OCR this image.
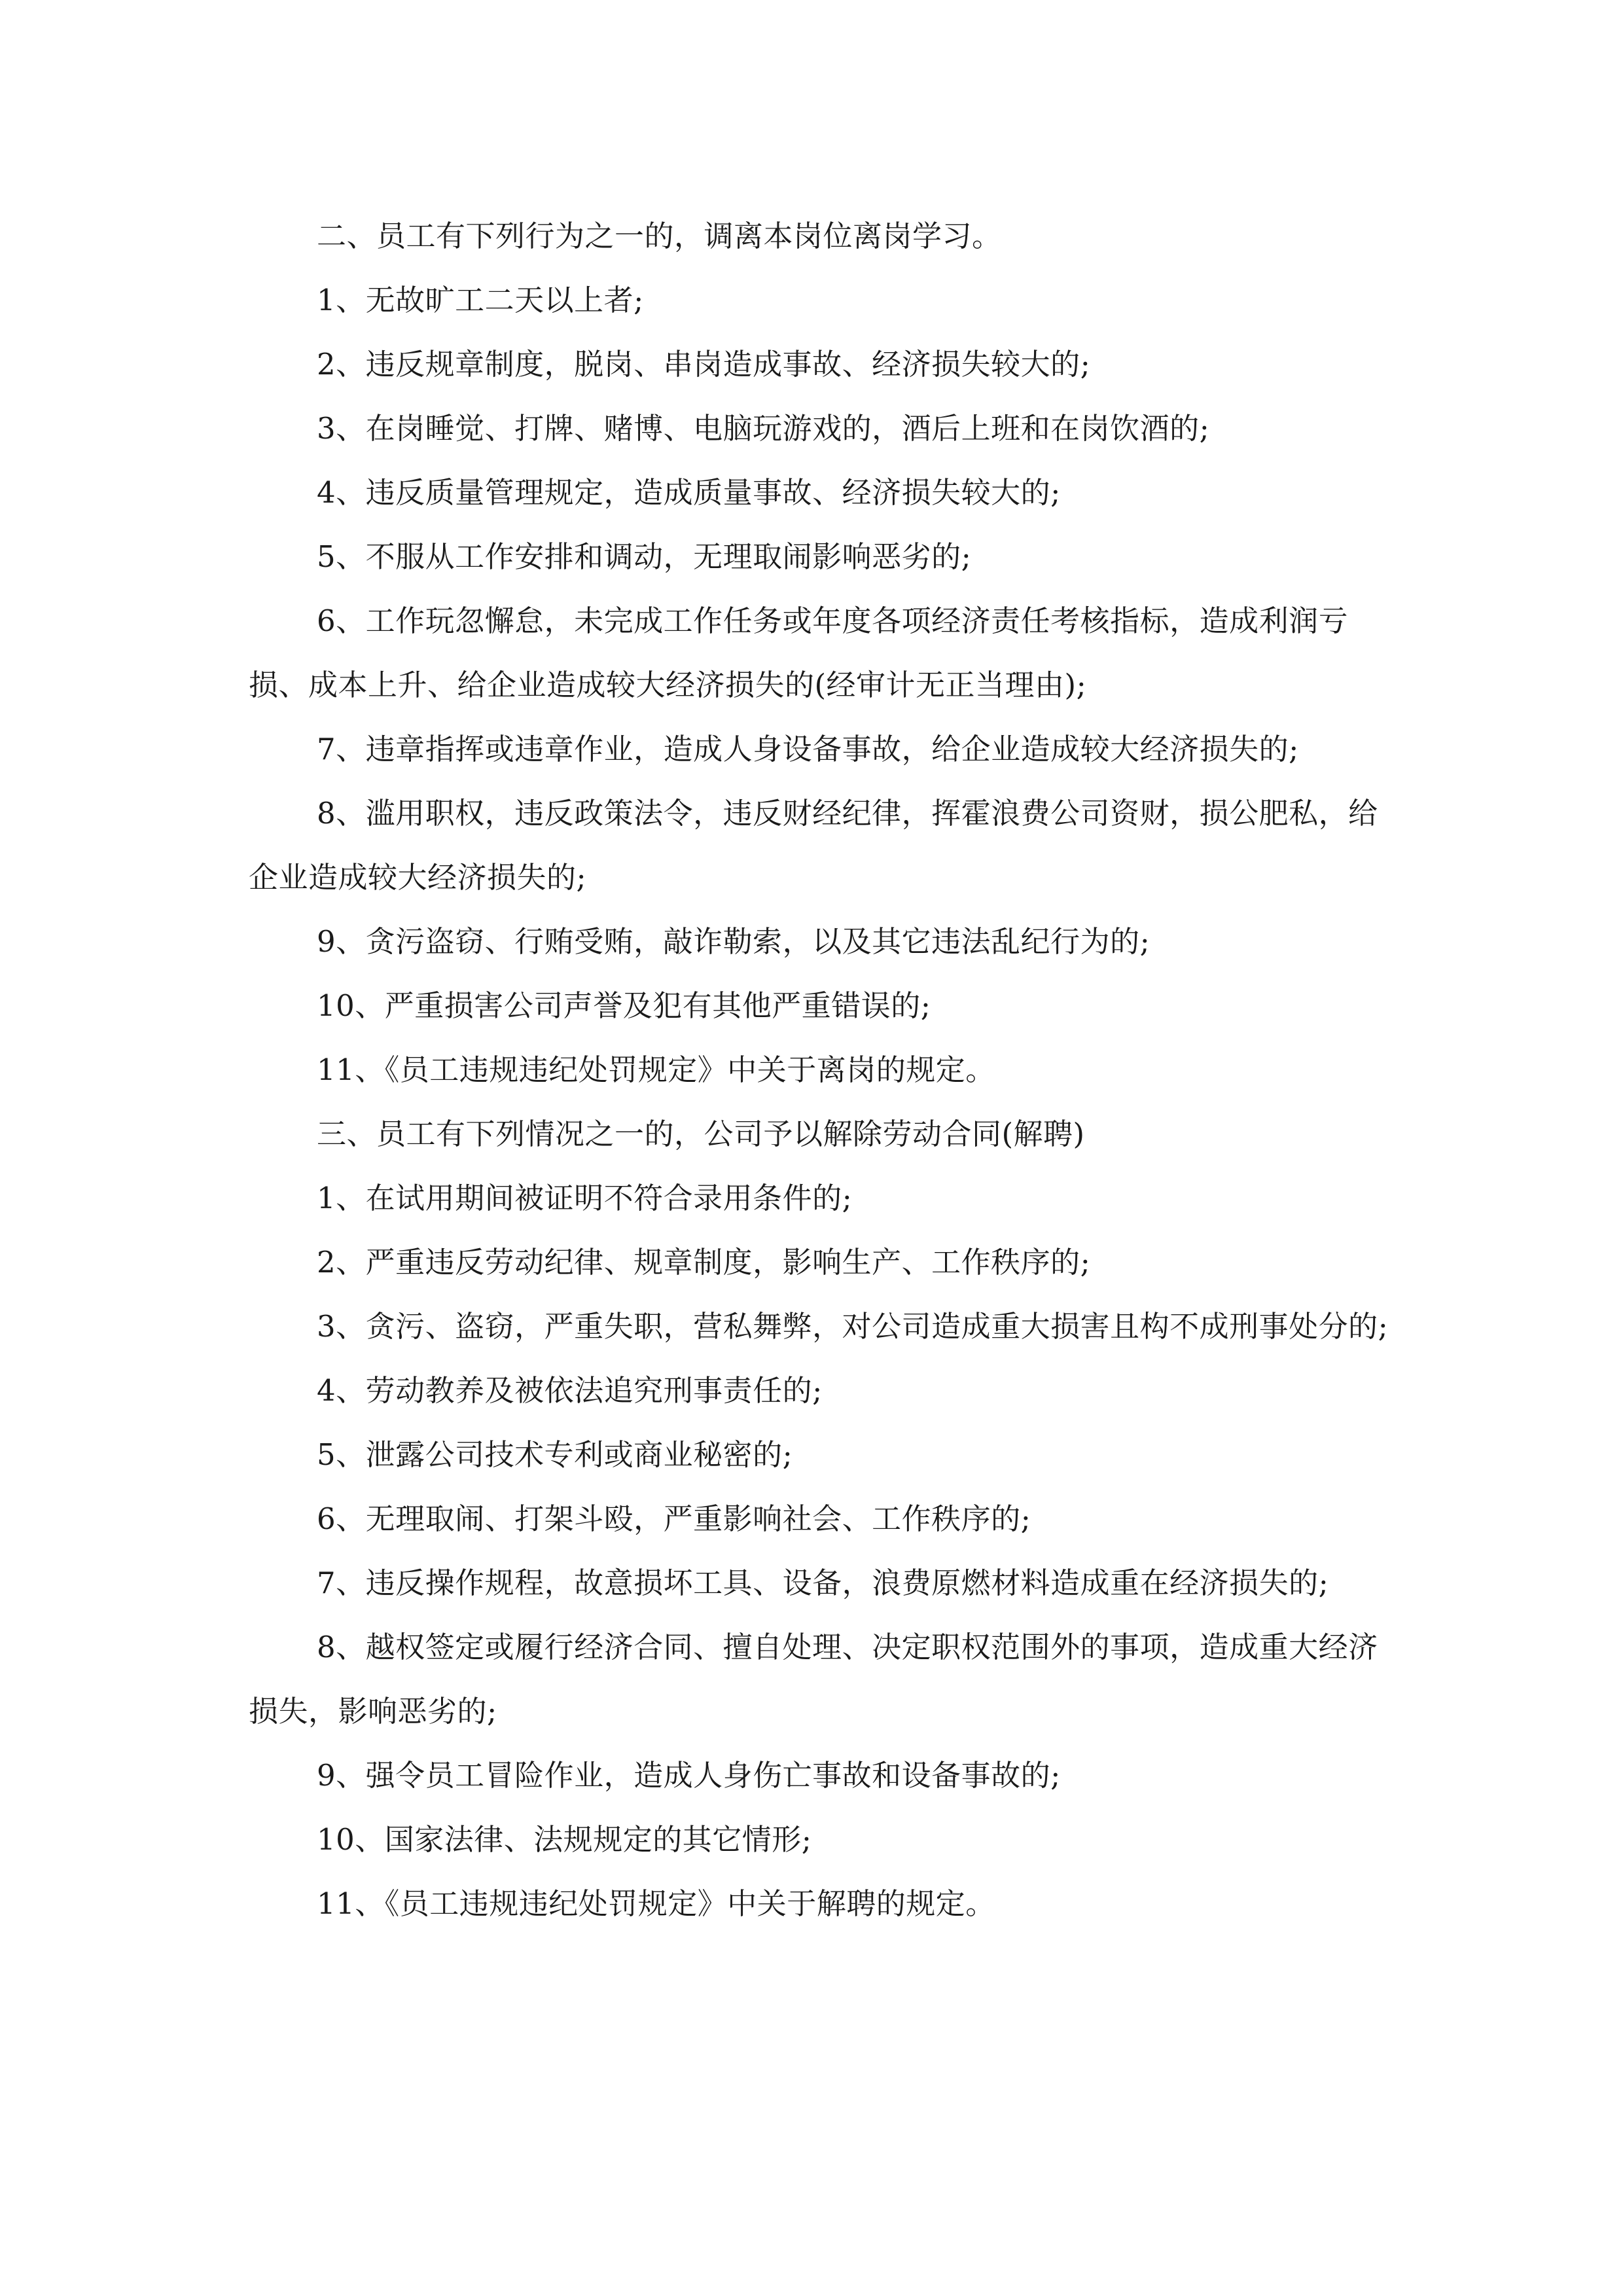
二、员工有下列行为之一的，调离本岗位离岗学习。

1、无故旷工二天以上者;

2、违反规章制度，脱岗、串岗造成事故、经济损失较大的;

3、在岗睡觉、打牌、赌博、电脑玩游戏的，酒后上班和在岗饮酒的;

4、违反质量管理规定，造成质量事故、经济损失较大的;

5、不服从工作安排和调动，无理取闹影响恶劣的;

6、工作玩忽懈怠，未完成工作任务或年度各项经济责任考核指标，造成利润亏损、成本上升、给企业造成较大经济损失的(经审计无正当理由);

7、违章指挥或违章作业，造成人身设备事故，给企业造成较大经济损失的;

8、滥用职权，违反政策法令，违反财经纪律，挥霍浪费公司资财，损公肥私，给企业造成较大经济损失的;

9、贪污盗窃、行贿受贿，敲诈勒索，以及其它违法乱纪行为的;

10、严重损害公司声誉及犯有其他严重错误的;

11、《员工违规违纪处罚规定》中关于离岗的规定。

三、员工有下列情况之一的，公司予以解除劳动合同(解聘)

1、在试用期间被证明不符合录用条件的;

2、严重违反劳动纪律、规章制度，影响生产、工作秩序的;

3、贪污、盗窃，严重失职，营私舞弊，对公司造成重大损害且构不成刑事处分的;

4、劳动教养及被依法追究刑事责任的;

5、泄露公司技术专利或商业秘密的;

6、无理取闹、打架斗殴，严重影响社会、工作秩序的;

7、违反操作规程，故意损坏工具、设备，浪费原燃材料造成重在经济损失的;

8、越权签定或履行经济合同、擅自处理、决定职权范围外的事项，造成重大经济损失，影响恶劣的;

9、强令员工冒险作业，造成人身伤亡事故和设备事故的;

10、国家法律、法规规定的其它情形;

11、《员工违规违纪处罚规定》中关于解聘的规定。
